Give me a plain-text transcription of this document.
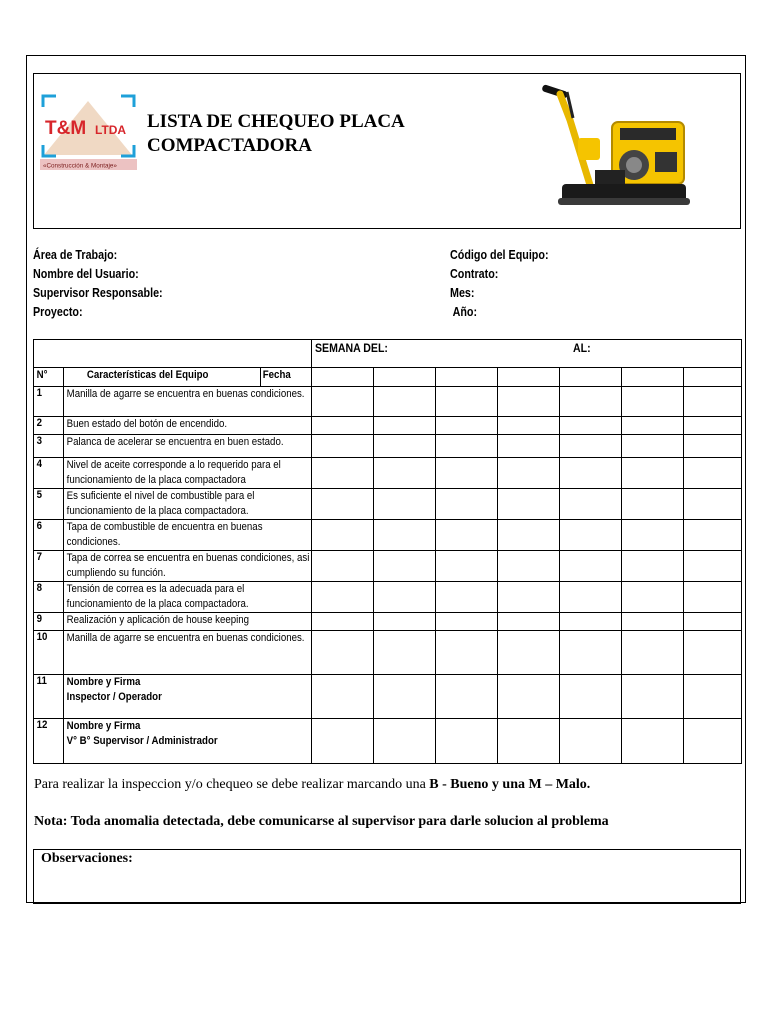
T&M LTDA
«Construcción & Montaje»
LISTA DE CHEQUEO PLACA
COMPACTADORA
Área de Trabajo:
Nombre del Usuario:
Supervisor Responsable:
Proyecto:
Código del Equipo:
Contrato:
Mes:
Año:

			SEMANA DEL: AL:						

N°	Características del Equipo	Fecha							

1	Manilla de agarre se encuentra en buenas condiciones.								

2	Buen estado del botón de encendido.								

3	Palanca de acelerar se encuentra en buen estado.								

4	Nivel de aceite corresponde a lo requerido para el funcionamiento de la placa compactadora								

5	Es suficiente el nivel de combustible para el funcionamiento de la placa compactadora.								

6	Tapa de combustible de encuentra en buenas condiciones.								

7	Tapa de correa se encuentra en buenas condiciones, asi cumpliendo su función.								

8	Tensión de correa es la adecuada para el funcionamiento de la placa compactadora.								

9	Realización y aplicación de house keeping								

10	Manilla de agarre se encuentra en buenas condiciones.								

11	Nombre y Firma
Inspector / Operador								

12	Nombre y Firma
V° B° Supervisor / Administrador								

Para realizar la inspeccion y/o chequeo se debe realizar marcando una B - Bueno y una M – Malo.
Nota: Toda anomalia detectada, debe comunicarse al supervisor para darle solucion al problema
Observaciones:
